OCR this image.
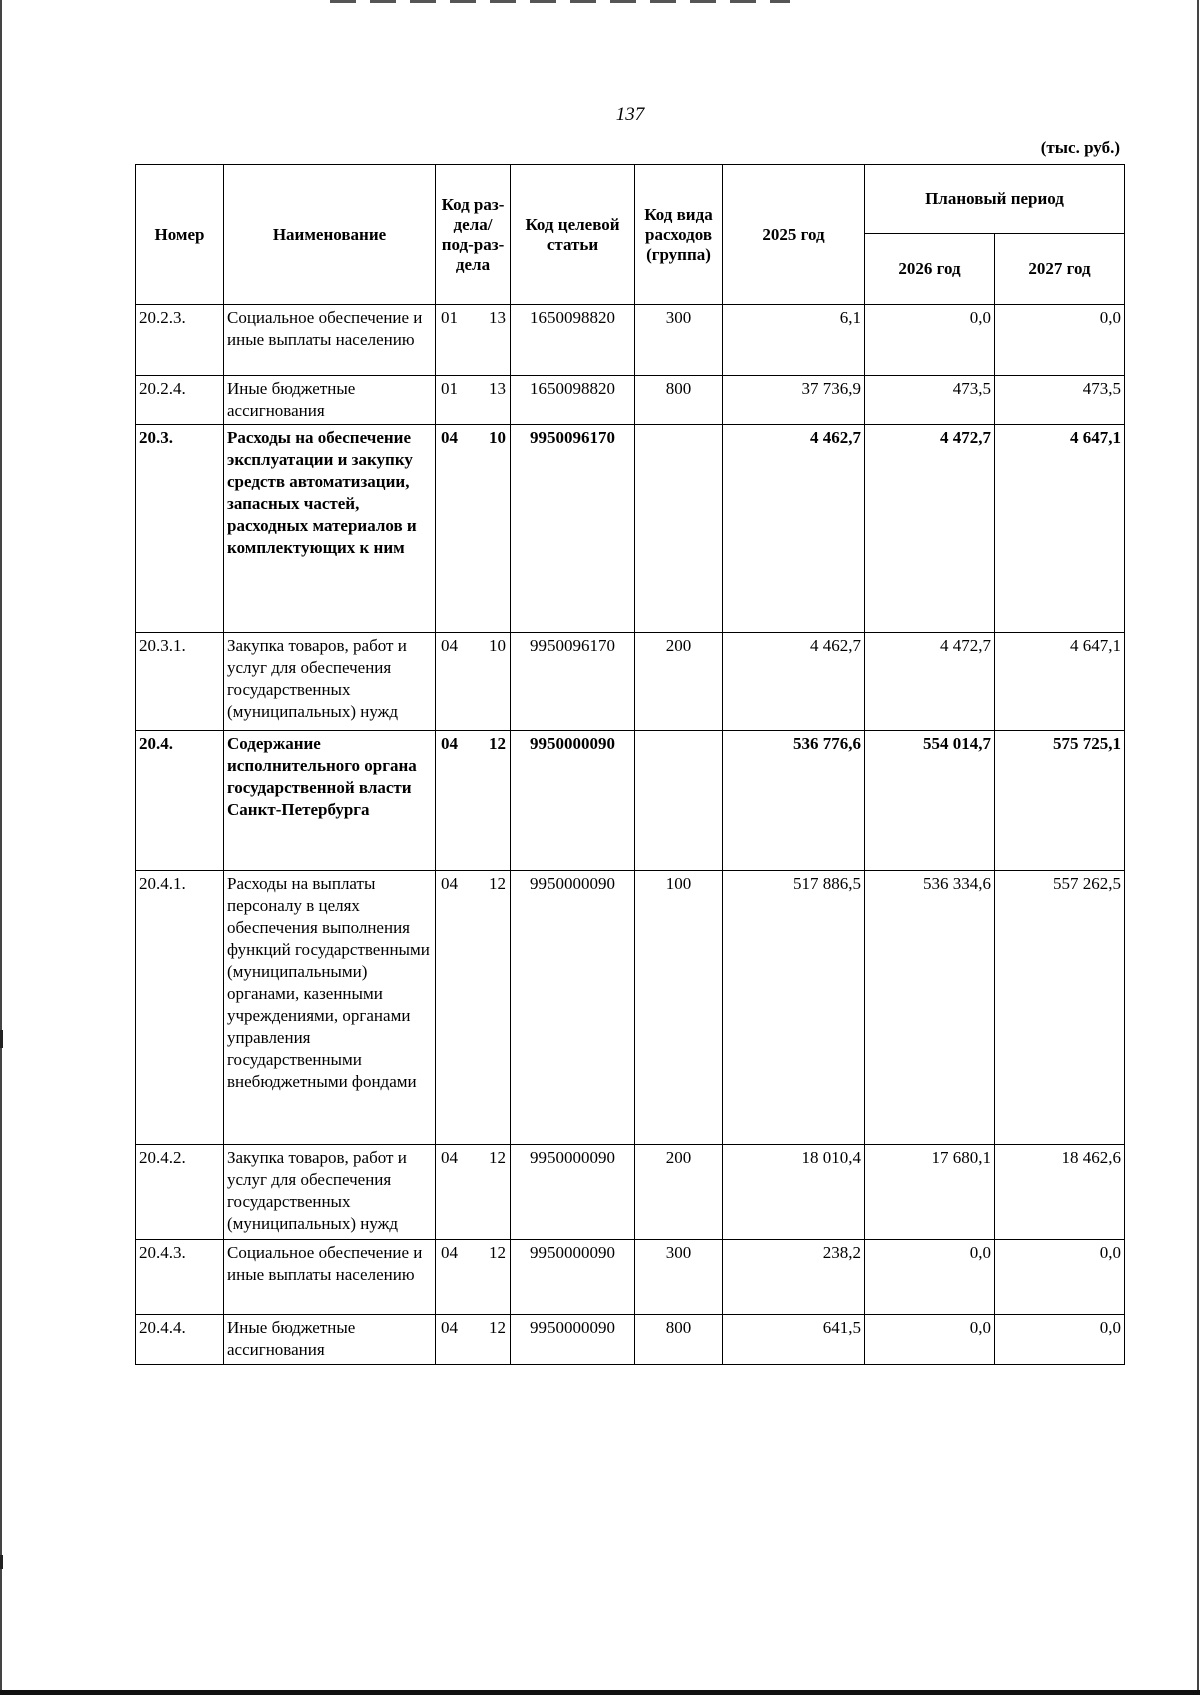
137
(тыс. руб.)
Номер	Наименование	Код раз-дела/ под-раз-дела	Код целевой статьи	Код вида расходов (группа)	2025 год	Плановый период	
						2026 год	2027 год
20.2.3.	Социальное обеспечение и иные выплаты населению	01 13	1650098820	300	6,1	0,0	0,0
20.2.4.	Иные бюджетные ассигнования	01 13	1650098820	800	37 736,9	473,5	473,5
20.3.	Расходы на обеспечение эксплуатации и закупку средств автоматизации, запасных частей, расходных материалов и комплектующих к ним	04 10	9950096170		4 462,7	4 472,7	4 647,1
20.3.1.	Закупка товаров, работ и услуг для обеспечения государственных (муниципальных) нужд	04 10	9950096170	200	4 462,7	4 472,7	4 647,1
20.4.	Содержание исполнительного органа государственной власти Санкт-Петербурга	04 12	9950000090		536 776,6	554 014,7	575 725,1
20.4.1.	Расходы на выплаты персоналу в целях обеспечения выполнения функций государственными (муниципальными) органами, казенными учреждениями, органами управления государственными внебюджетными фондами	04 12	9950000090	100	517 886,5	536 334,6	557 262,5
20.4.2.	Закупка товаров, работ и услуг для обеспечения государственных (муниципальных) нужд	04 12	9950000090	200	18 010,4	17 680,1	18 462,6
20.4.3.	Социальное обеспечение и иные выплаты населению	04 12	9950000090	300	238,2	0,0	0,0
20.4.4.	Иные бюджетные ассигнования	04 12	9950000090	800	641,5	0,0	0,0
